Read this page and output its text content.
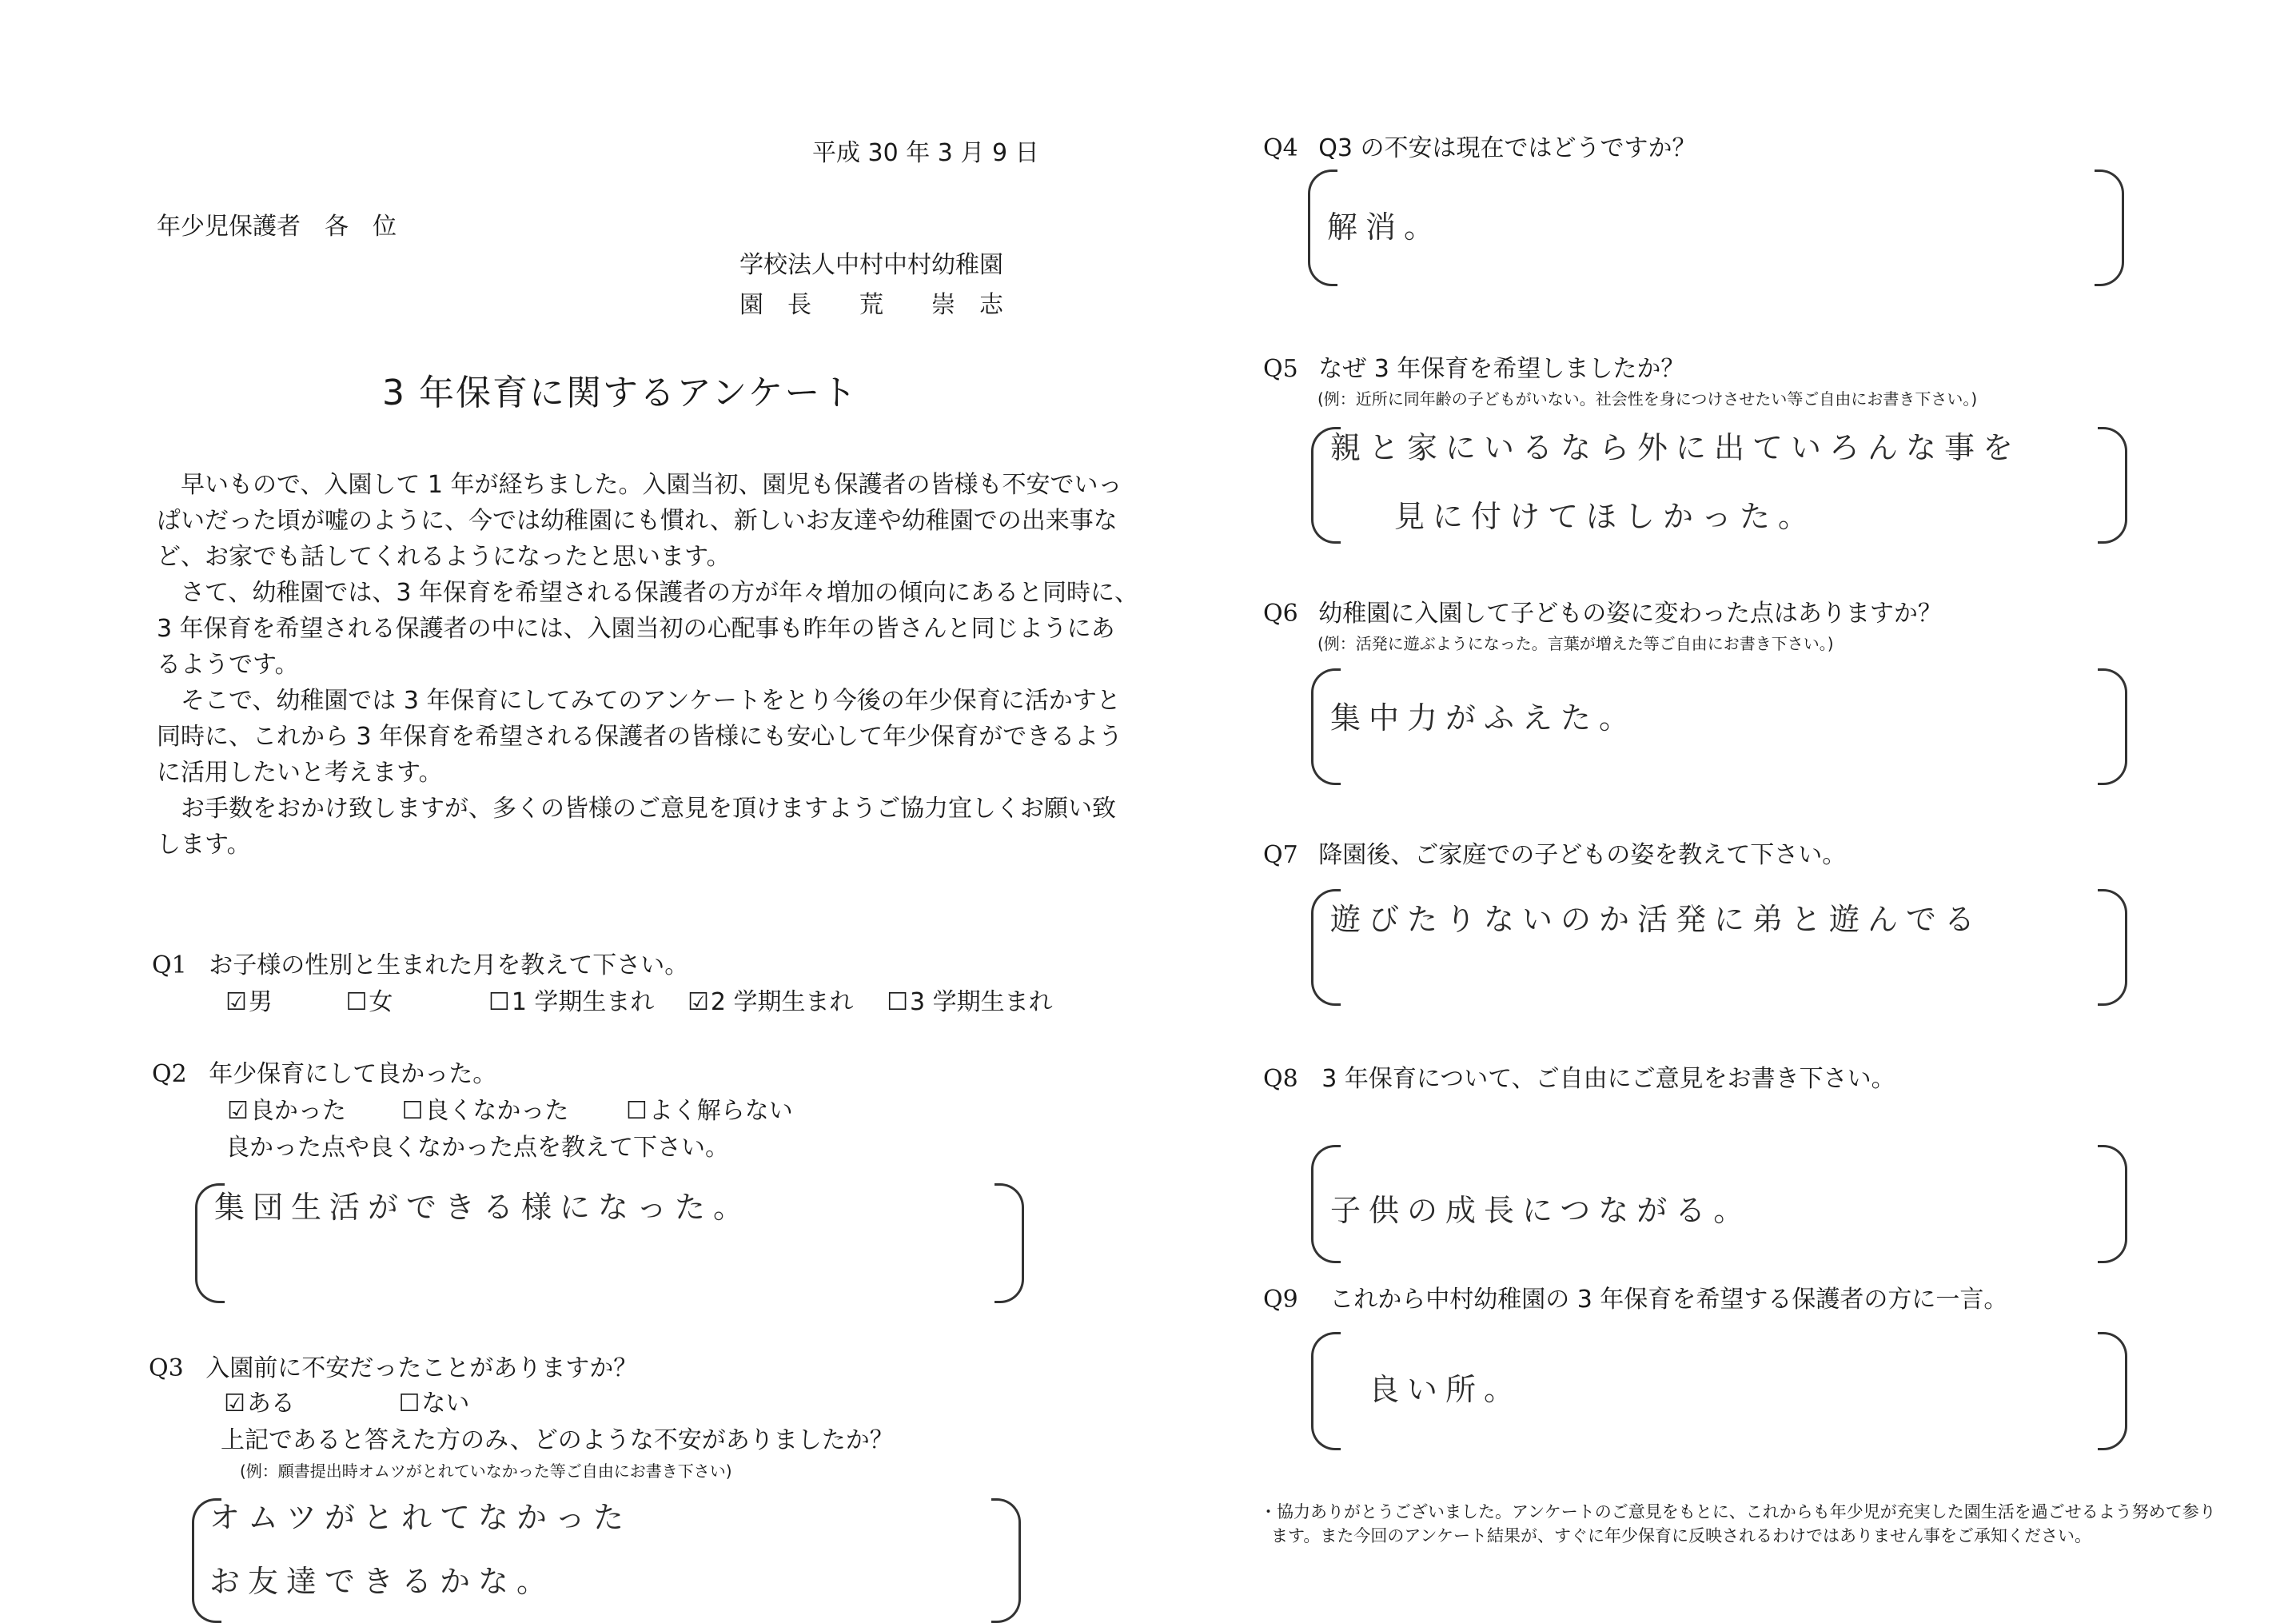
平成 30 年 3 月 9 日
年少児保護者　各　位
学校法人中村中村幼稚園
園　長　　荒　　崇　志
3 年保育に関するアンケート

　早いもので、入園して 1 年が経ちました。入園当初、園児も保護者の皆様も不安でいっ

ぱいだった頃が嘘のように、今では幼稚園にも慣れ、新しいお友達や幼稚園での出来事な

ど、お家でも話してくれるようになったと思います。

　さて、幼稚園では、3 年保育を希望される保護者の方が年々増加の傾向にあると同時に、

3 年保育を希望される保護者の中には、入園当初の心配事も昨年の皆さんと同じようにあ

るようです。

　そこで、幼稚園では 3 年保育にしてみてのアンケートをとり今後の年少保育に活かすと

同時に、これから 3 年保育を希望される保護者の皆様にも安心して年少保育ができるよう

に活用したいと考えます。

　お手数をおかけ致しますが、多くの皆様のご意見を頂けますようご協力宜しくお願い致

します。

Q1 お子様の性別と生まれた月を教えて下さい。
☑男	☐女	☐1 学期生まれ ☑2 学期生まれ ☐3 学期生まれ
Q2 年少保育にして良かった。
☑良かった ☐良くなかった ☐よく解らない
良かった点や良くなかった点を教えて下さい。
集団生活ができる様になった。
Q3 入園前に不安だったことがありますか？
☑ある	☐ない
上記であると答えた方のみ、どのような不安がありましたか？
(例：願書提出時オムツがとれていなかった等ご自由にお書き下さい)
オムツがとれてなかった
お友達できるかな。
Q4 Q3 の不安は現在ではどうですか？
解消。
Q5 なぜ 3 年保育を希望しましたか？
(例：近所に同年齢の子どもがいない。社会性を身につけさせたい等ご自由にお書き下さい。)
親と家にいるなら外に出ていろんな事を
見に付けてほしかった。
Q6 幼稚園に入園して子どもの姿に変わった点はありますか？
(例：活発に遊ぶようになった。言葉が増えた等ご自由にお書き下さい。)
集中力がふえた。
Q7 降園後、ご家庭での子どもの姿を教えて下さい。
遊びたりないのか活発に弟と遊んでる
Q8 3 年保育について、ご自由にご意見をお書き下さい。
子供の成長につながる。
Q9 これから中村幼稚園の 3 年保育を希望する保護者の方に一言。
良い所。
・協力ありがとうございました。アンケートのご意見をもとに、これからも年少児が充実した園生活を過ごせるよう努めて参り
ます。また今回のアンケート結果が、すぐに年少保育に反映されるわけではありません事をご承知ください。
